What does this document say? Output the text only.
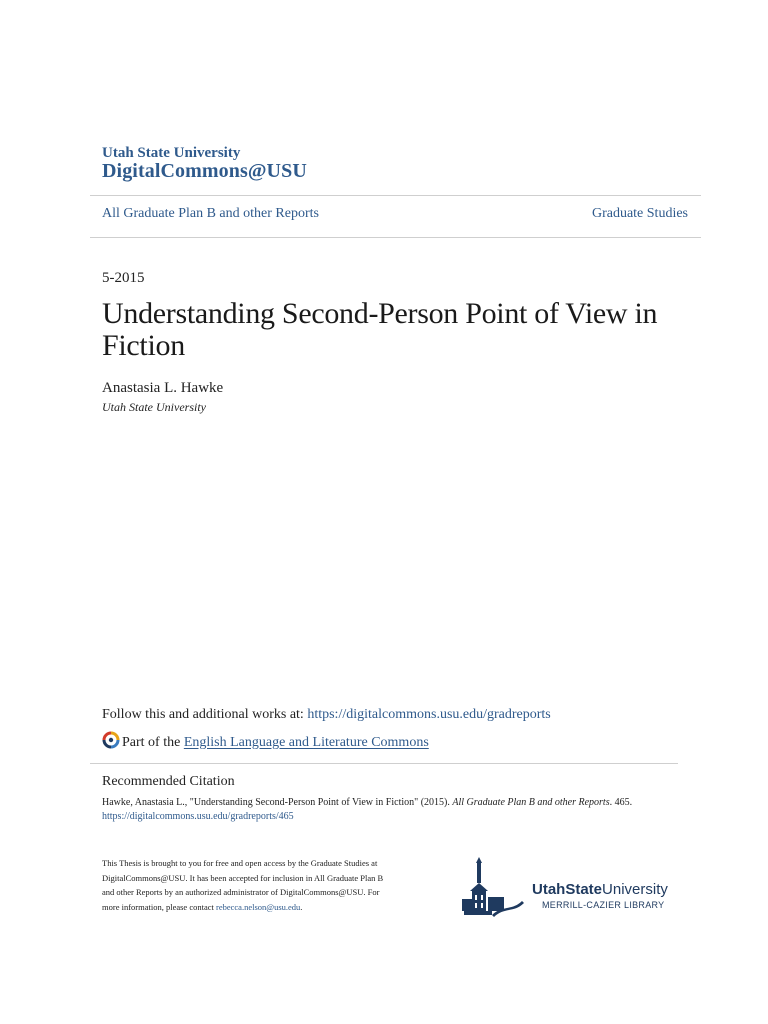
Utah State University
DigitalCommons@USU
All Graduate Plan B and other Reports	Graduate Studies
5-2015
Understanding Second-Person Point of View in Fiction
Anastasia L. Hawke
Utah State University
Follow this and additional works at: https://digitalcommons.usu.edu/gradreports
Part of the
English Language and Literature Commons
Recommended Citation
Hawke, Anastasia L., "Understanding Second-Person Point of View in Fiction" (2015). All Graduate Plan B and other Reports. 465.
https://digitalcommons.usu.edu/gradreports/465
This Thesis is brought to you for free and open access by the Graduate Studies at DigitalCommons@USU. It has been accepted for inclusion in All Graduate Plan B and other Reports by an authorized administrator of DigitalCommons@USU. For more information, please contact rebecca.nelson@usu.edu.
UtahStateUniversity
MERRILL-CAZIER LIBRARY
